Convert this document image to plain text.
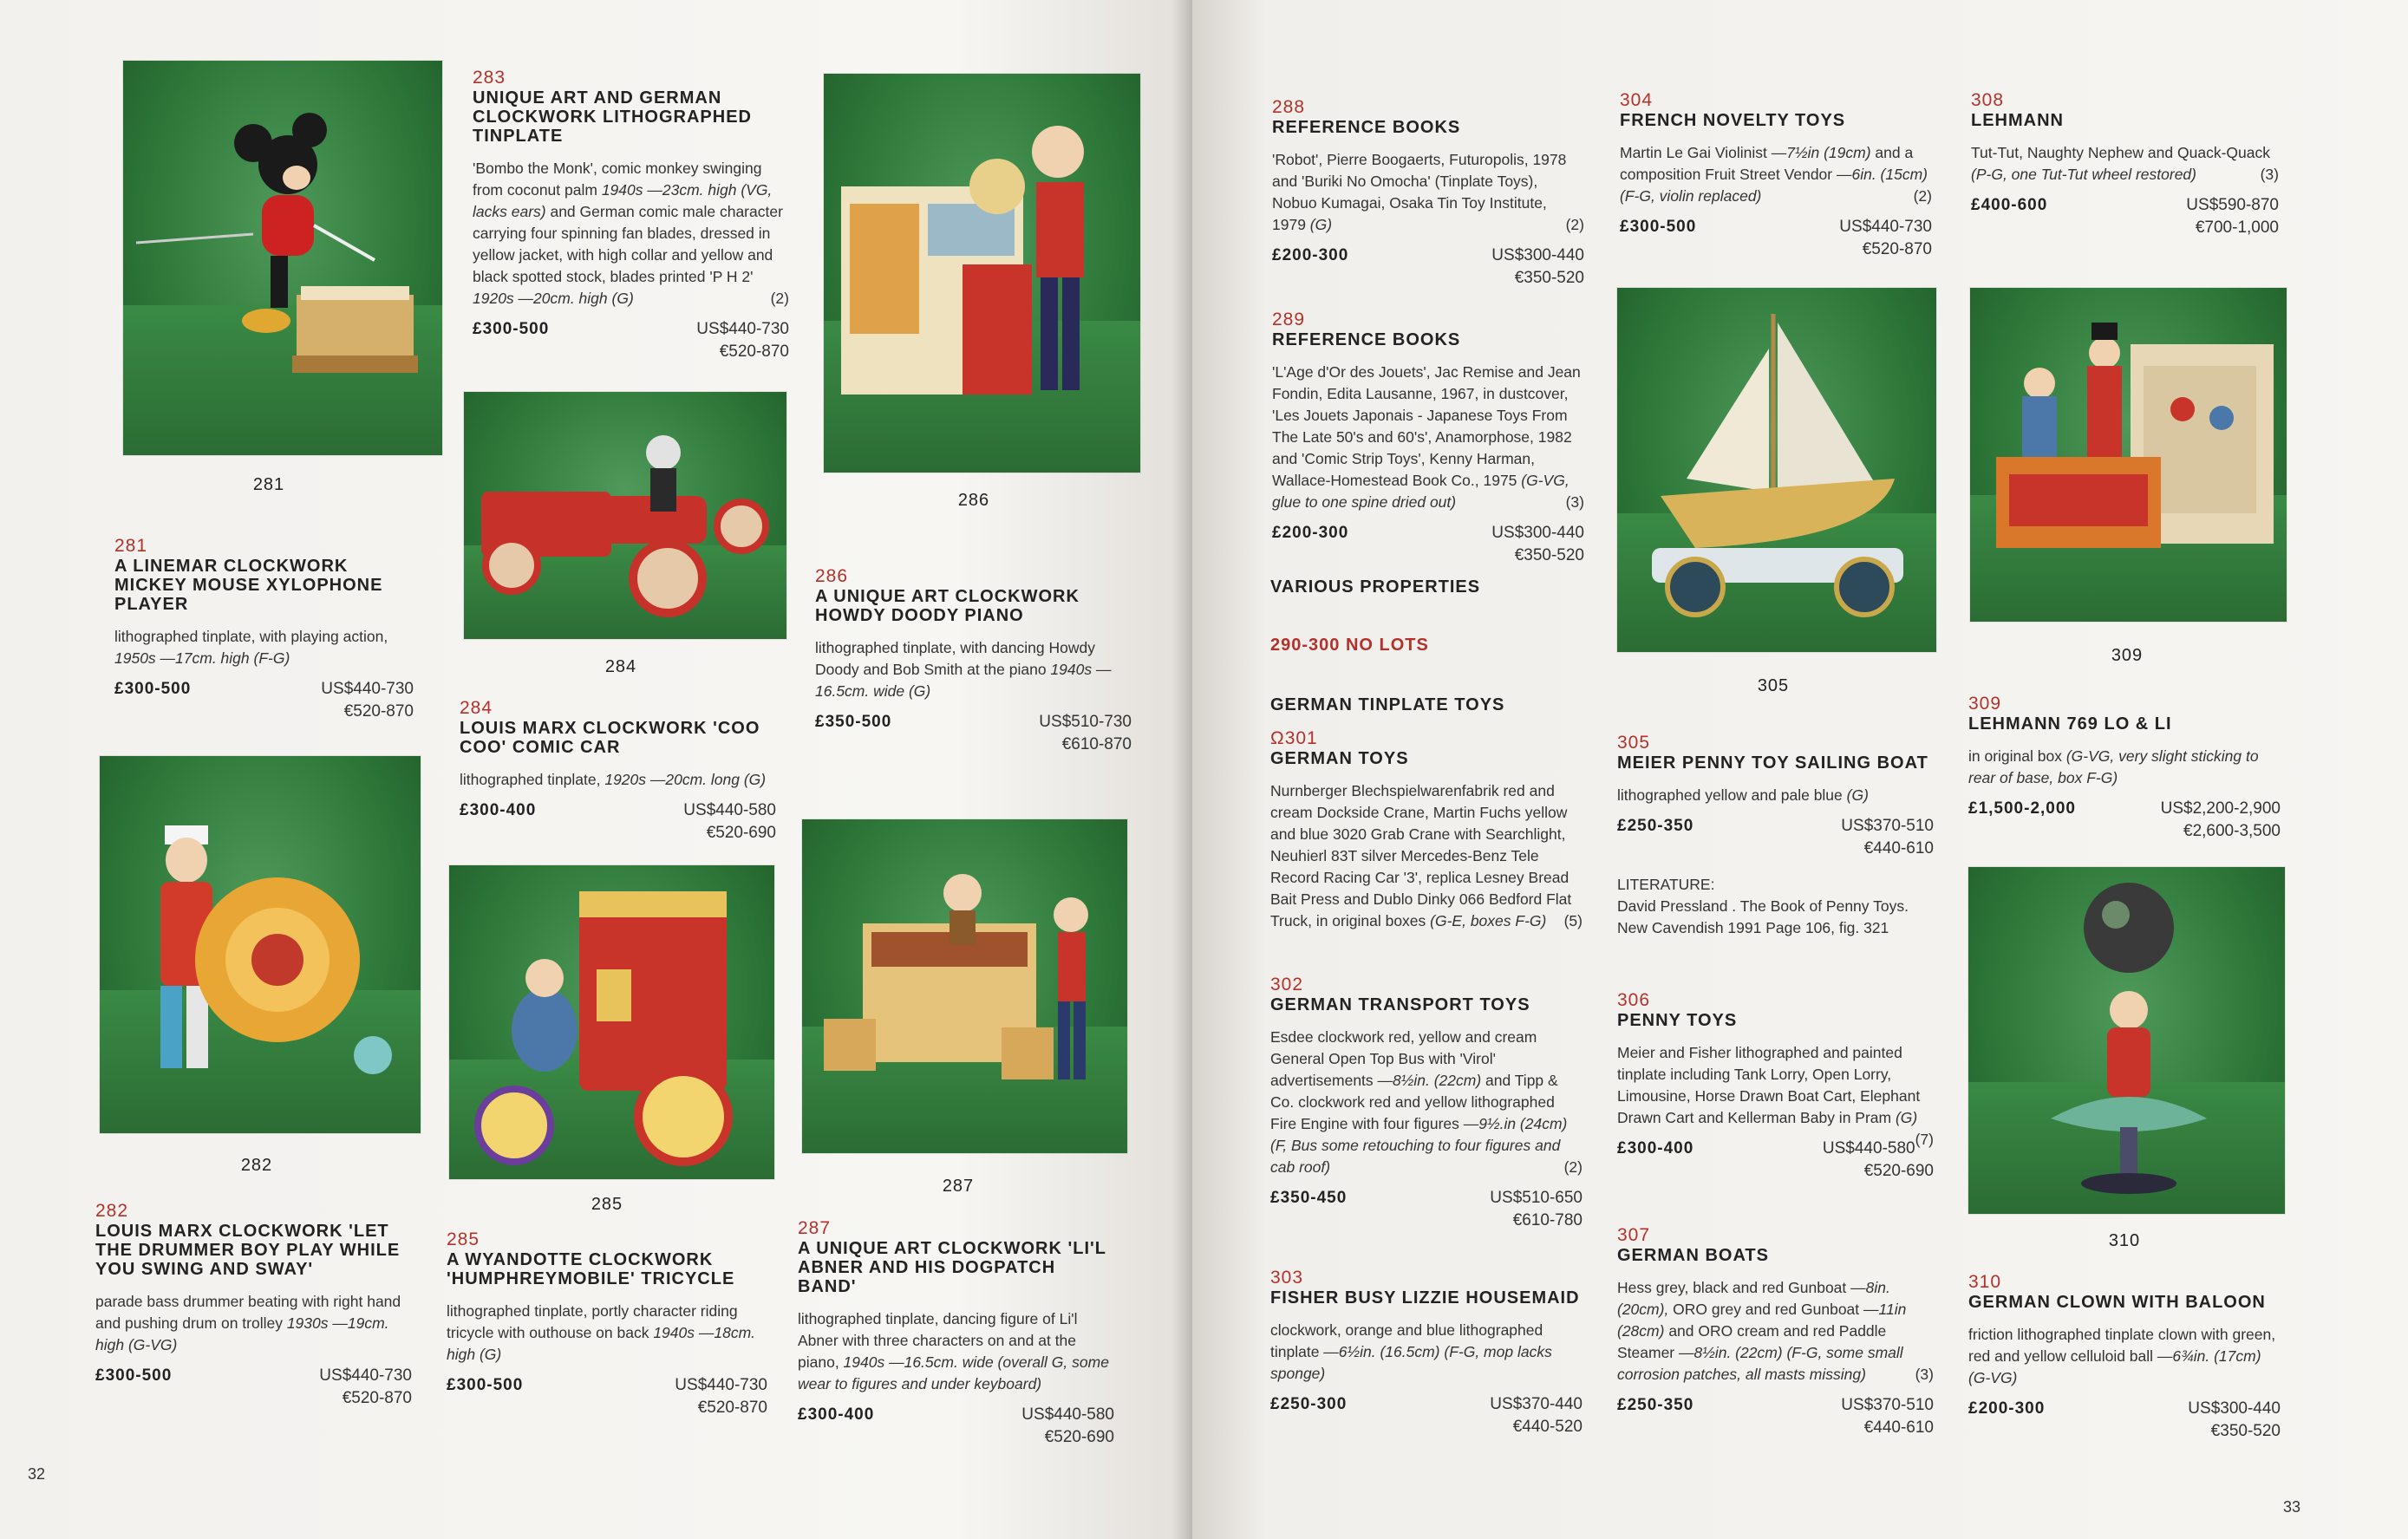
281
281
A LINEMAR CLOCKWORK MICKEY MOUSE XYLOPHONE PLAYER
lithographed tinplate, with playing action, 1950s —17cm. high (F-G)
£300-500	US$440-730
€520-870
282
282
LOUIS MARX CLOCKWORK 'LET THE DRUMMER BOY PLAY WHILE YOU SWING AND SWAY'
parade bass drummer beating with right hand and pushing drum on trolley 1930s —19cm. high (G-VG)
£300-500	US$440-730
€520-870
283
UNIQUE ART AND GERMAN CLOCKWORK LITHOGRAPHED TINPLATE
'Bombo the Monk', comic monkey swinging from coconut palm 1940s —23cm. high (VG, lacks ears) and German comic male character carrying four spinning fan blades, dressed in yellow jacket, with high collar and yellow and black spotted stock, blades printed 'P H 2' 1920s —20cm. high (G)	(2)
£300-500	US$440-730
€520-870
284
284
LOUIS MARX CLOCKWORK 'COO COO' COMIC CAR
lithographed tinplate, 1920s —20cm. long (G)
£300-400	US$440-580
€520-690
285
285
A WYANDOTTE CLOCKWORK 'HUMPHREYMOBILE' TRICYCLE
lithographed tinplate, portly character riding tricycle with outhouse on back 1940s —18cm. high (G)
£300-500	US$440-730
€520-870
286
286
A UNIQUE ART CLOCKWORK HOWDY DOODY PIANO
lithographed tinplate, with dancing Howdy Doody and Bob Smith at the piano 1940s —16.5cm. wide (G)
£350-500	US$510-730
€610-870
287
287
A UNIQUE ART CLOCKWORK 'LI'L ABNER AND HIS DOGPATCH BAND'
lithographed tinplate, dancing figure of Li'l Abner with three characters on and at the piano, 1940s —16.5cm. wide (overall G, some wear to figures and under keyboard)
£300-400	US$440-580
€520-690
32
288
REFERENCE BOOKS
'Robot', Pierre Boogaerts, Futuropolis, 1978 and 'Buriki No Omocha' (Tinplate Toys), Nobuo Kumagai, Osaka Tin Toy Institute, 1979 (G)	(2)
£200-300	US$300-440
€350-520
289
REFERENCE BOOKS
'L'Age d'Or des Jouets', Jac Remise and Jean Fondin, Edita Lausanne, 1967, in dustcover, 'Les Jouets Japonais - Japanese Toys From The Late 50's and 60's', Anamorphose, 1982 and 'Comic Strip Toys', Kenny Harman, Wallace-Homestead Book Co., 1975 (G-VG, glue to one spine dried out)	(3)
£200-300	US$300-440
€350-520
VARIOUS PROPERTIES
290-300 NO LOTS
GERMAN TINPLATE TOYS
Ω301
GERMAN TOYS
Nurnberger Blechspielwarenfabrik red and cream Dockside Crane, Martin Fuchs yellow and blue 3020 Grab Crane with Searchlight, Neuhierl 83T silver Mercedes-Benz Tele Record Racing Car '3', replica Lesney Bread Bait Press and Dublo Dinky 066 Bedford Flat Truck, in original boxes (G-E, boxes F-G) (5)
302
GERMAN TRANSPORT TOYS
Esdee clockwork red, yellow and cream General Open Top Bus with 'Virol' advertisements —8½in. (22cm) and Tipp & Co. clockwork red and yellow lithographed Fire Engine with four figures —9½.in (24cm) (F, Bus some retouching to four figures and cab roof)	(2)
£350-450	US$510-650
€610-780
303
FISHER BUSY LIZZIE HOUSEMAID
clockwork, orange and blue lithographed tinplate —6½in. (16.5cm) (F-G, mop lacks sponge)
£250-300	US$370-440
€440-520
304
FRENCH NOVELTY TOYS
Martin Le Gai Violinist —7½in (19cm) and a composition Fruit Street Vendor —6in. (15cm) (F-G, violin replaced)	(2)
£300-500	US$440-730
€520-870
305
305
MEIER PENNY TOY SAILING BOAT
lithographed yellow and pale blue (G)
£250-350	US$370-510
€440-610
LITERATURE:
David Pressland . The Book of Penny Toys. New Cavendish 1991 Page 106, fig. 321
306
PENNY TOYS
Meier and Fisher lithographed and painted tinplate including Tank Lorry, Open Lorry, Limousine, Horse Drawn Boat Cart, Elephant Drawn Cart and Kellerman Baby in Pram (G)
(7)
£300-400	US$440-580
€520-690
307
GERMAN BOATS
Hess grey, black and red Gunboat —8in. (20cm), ORO grey and red Gunboat —11in (28cm) and ORO cream and red Paddle Steamer —8½in. (22cm) (F-G, some small corrosion patches, all masts missing)	(3)
£250-350	US$370-510
€440-610
308
LEHMANN
Tut-Tut, Naughty Nephew and Quack-Quack (P-G, one Tut-Tut wheel restored)	(3)
£400-600	US$590-870
€700-1,000
309
309
LEHMANN 769 LO & LI
in original box (G-VG, very slight sticking to rear of base, box F-G)
£1,500-2,000	US$2,200-2,900
€2,600-3,500
310
310
GERMAN CLOWN WITH BALOON
friction lithographed tinplate clown with green, red and yellow celluloid ball —6¾in. (17cm) (G-VG)
£200-300	US$300-440
€350-520
33
